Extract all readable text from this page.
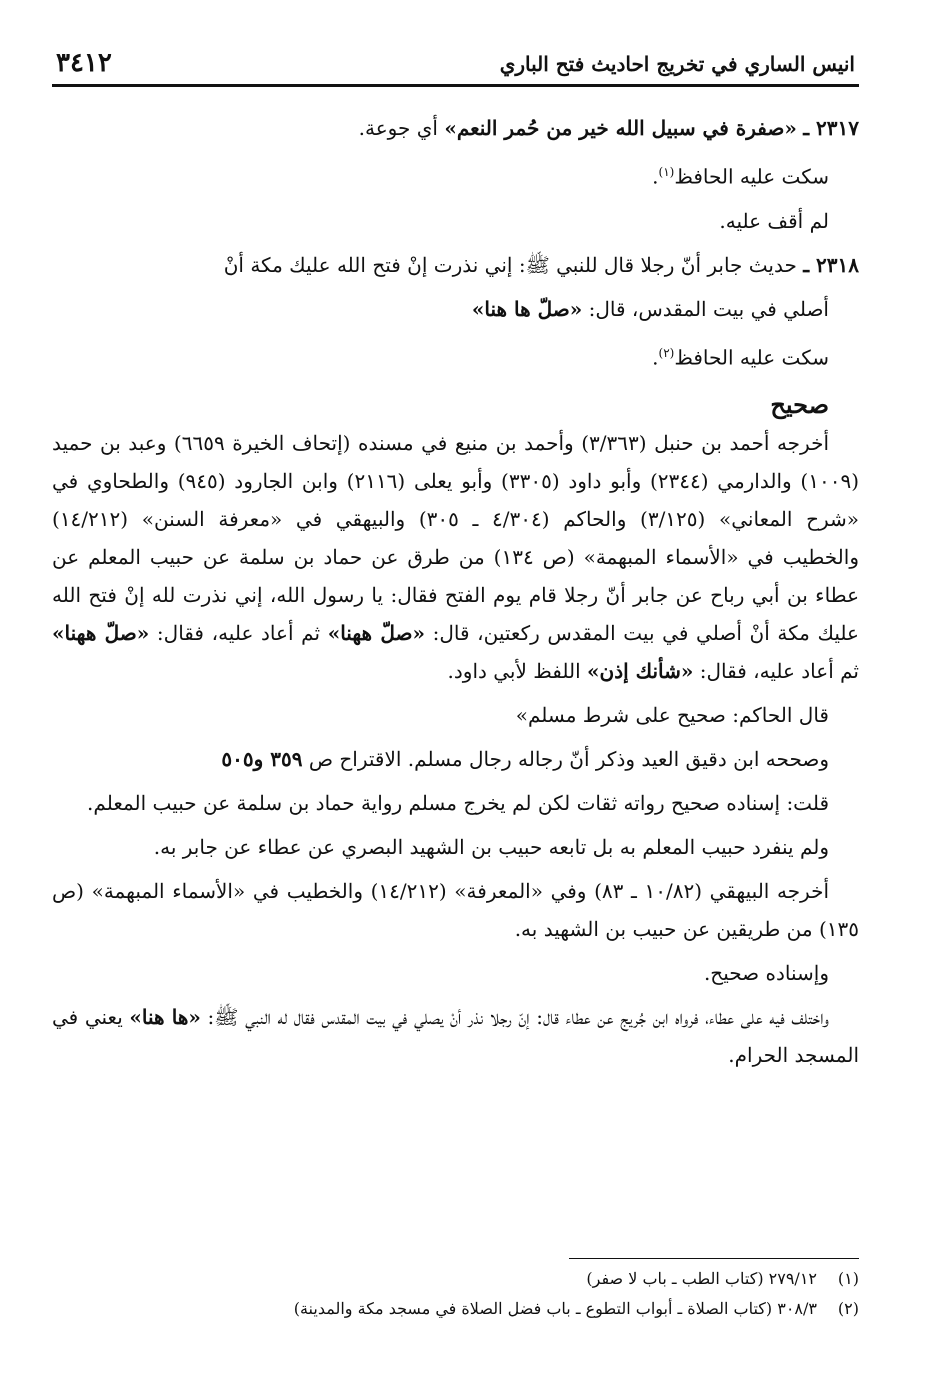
انيس الساري في تخريج احاديث فتح الباري
٣٤١٢

٢٣١٧ ـ «صفرة في سبيل الله خير من حُمر النعم» أي جوعة.

سكت عليه الحافظ$^{(١)}$.

لم أقف عليه.

٢٣١٨ ـ حديث جابر أنّ رجلا قال للنبي ﷺ: إني نذرت إنْ فتح الله عليك مكة أنْ

أصلي في بيت المقدس، قال: «صلّ ها هنا»

سكت عليه الحافظ$^{(٢)}$.

صحيح

أخرجه أحمد بن حنبل (٣/٣٦٣) وأحمد بن منيع في مسنده (إتحاف الخيرة ٦٦٥٩) وعبد بن حميد (١٠٠٩) والدارمي (٢٣٤٤) وأبو داود (٣٣٠٥) وأبو يعلى (٢١١٦) وابن الجارود (٩٤٥) والطحاوي في «شرح المعاني» (٣/١٢٥) والحاكم (٤/٣٠٤ ـ ٣٠٥) والبيهقي في «معرفة السنن» (١٤/٢١٢) والخطيب في «الأسماء المبهمة» (ص ١٣٤) من طرق عن حماد بن سلمة عن حبيب المعلم عن عطاء بن أبي رباح عن جابر أنّ رجلا قام يوم الفتح فقال: يا رسول الله، إني نذرت لله إنْ فتح الله عليك مكة أنْ أصلي في بيت المقدس ركعتين، قال: «صلّ ههنا» ثم أعاد عليه، فقال: «صلّ ههنا» ثم أعاد عليه، فقال: «شأنك إذن» اللفظ لأبي داود.

قال الحاكم: صحيح على شرط مسلم»

وصححه ابن دقيق العيد وذكر أنّ رجاله رجال مسلم. الاقتراح ص ٣٥٩ و٥٠٥

قلت: إسناده صحيح رواته ثقات لكن لم يخرج مسلم رواية حماد بن سلمة عن حبيب المعلم.

ولم ينفرد حبيب المعلم به بل تابعه حبيب بن الشهيد البصري عن عطاء عن جابر به.

أخرجه البيهقي (١٠/٨٢ ـ ٨٣) وفي «المعرفة» (١٤/٢١٢) والخطيب في «الأسماء المبهمة» (ص ١٣٥) من طريقين عن حبيب بن الشهيد به.

وإسناده صحيح.

واختلف فيه على عطاء، فرواه ابن جُريج عن عطاء قال: إنّ رجلا نذر أنْ يصلي في بيت المقدس فقال له النبي ﷺ: «ها هنا» يعني في المسجد الحرام.

(١)٢٧٩/١٢ (كتاب الطب ـ باب لا صفر)

(٢)٣٠٨/٣ (كتاب الصلاة ـ أبواب التطوع ـ باب فضل الصلاة في مسجد مكة والمدينة)
